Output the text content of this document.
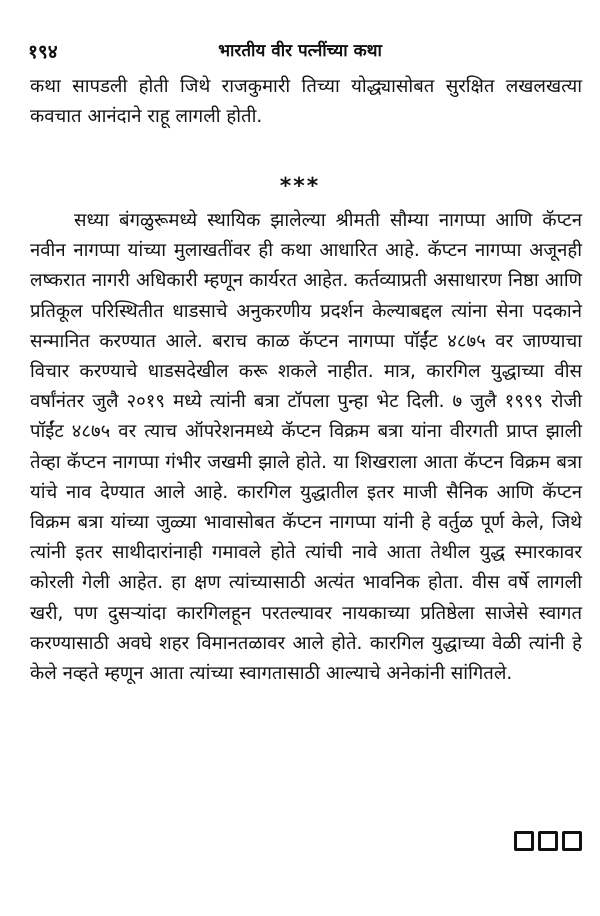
१९४	भारतीय वीर पत्नींच्या कथा

कथा सापडली होती जिथे राजकुमारी तिच्या योद्ध्यासोबत सुरक्षित लखलखत्या कवचात आनंदाने राहू लागली होती.

***

सध्या बंगळुरूमध्ये स्थायिक झालेल्या श्रीमती सौम्या नागप्पा आणि कॅप्टन नवीन नागप्पा यांच्या मुलाखतींवर ही कथा आधारित आहे. कॅप्टन नागप्पा अजूनही लष्करात नागरी अधिकारी म्हणून कार्यरत आहेत. कर्तव्याप्रती असाधारण निष्ठा आणि प्रतिकूल परिस्थितीत धाडसाचे अनुकरणीय प्रदर्शन केल्याबद्दल त्यांना सेना पदकाने सन्मानित करण्यात आले. बराच काळ कॅप्टन नागप्पा पॉईंट ४८७५ वर जाण्याचा विचार करण्याचे धाडसदेखील करू शकले नाहीत. मात्र, कारगिल युद्धाच्या वीस वर्षांनंतर जुलै २०१९ मध्ये त्यांनी बत्रा टॉपला पुन्हा भेट दिली. ७ जुलै १९९९ रोजी पॉईंट ४८७५ वर त्याच ऑपरेशनमध्ये कॅप्टन विक्रम बत्रा यांना वीरगती प्राप्त झाली तेव्हा कॅप्टन नागप्पा गंभीर जखमी झाले होते. या शिखराला आता कॅप्टन विक्रम बत्रा यांचे नाव देण्यात आले आहे. कारगिल युद्धातील इतर माजी सैनिक आणि कॅप्टन विक्रम बत्रा यांच्या जुळ्या भावासोबत कॅप्टन नागप्पा यांनी हे वर्तुळ पूर्ण केले, जिथे त्यांनी इतर साथीदारांनाही गमावले होते त्यांची नावे आता तेथील युद्ध स्मारकावर कोरली गेली आहेत. हा क्षण त्यांच्यासाठी अत्यंत भावनिक होता. वीस वर्षे लागली खरी, पण दुसऱ्यांदा कारगिलहून परतल्यावर नायकाच्या प्रतिष्ठेला साजेसे स्वागत करण्यासाठी अवघे शहर विमानतळावर आले होते. कारगिल युद्धाच्या वेळी त्यांनी हे केले नव्हते म्हणून आता त्यांच्या स्वागतासाठी आल्याचे अनेकांनी सांगितले.
